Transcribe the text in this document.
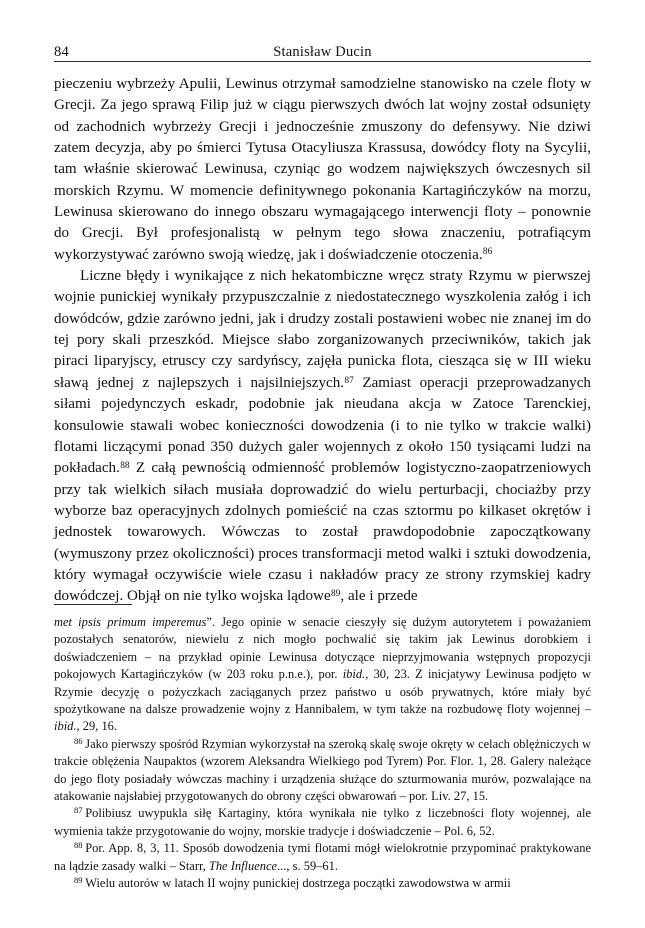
84	Stanisław Ducin

pieczeniu wybrzeży Apulii, Lewinus otrzymał samodzielne stanowisko na czele floty w Grecji. Za jego sprawą Filip już w ciągu pierwszych dwóch lat wojny został odsunięty od zachodnich wybrzeży Grecji i jednocześnie zmuszony do defensywy. Nie dziwi zatem decyzja, aby po śmierci Tytusa Otacyliusza Krassusa, dowódcy floty na Sycylii, tam właśnie skierować Lewinusa, czyniąc go wodzem największych ówczesnych sil morskich Rzymu. W momencie definitywnego pokonania Kartagińczyków na morzu, Lewinusa skierowano do innego obszaru wymagającego interwencji floty – ponownie do Grecji. Był profesjonalistą w pełnym tego słowa znaczeniu, potrafiącym wykorzystywać zarówno swoją wiedzę, jak i doświadczenie otoczenia.$^{86}$

Liczne błędy i wynikające z nich hekatombiczne wręcz straty Rzymu w pierwszej wojnie punickiej wynikały przypuszczalnie z niedostatecznego wyszkolenia załóg i ich dowódców, gdzie zarówno jedni, jak i drudzy zostali postawieni wobec nie znanej im do tej pory skali przeszkód. Miejsce słabo zorganizowanych przeciwników, takich jak piraci liparyjscy, etruscy czy sardyńscy, zajęła punicka flota, ciesząca się w III wieku sławą jednej z najlepszych i najsilniejszych.$^{87}$ Zamiast operacji przeprowadzanych siłami pojedynczych eskadr, podobnie jak nieudana akcja w Zatoce Tarenckiej, konsulowie stawali wobec konieczności dowodzenia (i to nie tylko w trakcie walki) flotami liczącymi ponad 350 dużych galer wojennych z około 150 tysiącami ludzi na pokładach.$^{88}$ Z całą pewnością odmienność problemów logistyczno-zaopatrzeniowych przy tak wielkich siłach musiała doprowadzić do wielu perturbacji, chociażby przy wyborze baz operacyjnych zdolnych pomieścić na czas sztormu po kilkaset okrętów i jednostek towarowych. Wówczas to został prawdopodobnie zapoczątkowany (wymuszony przez okoliczności) proces transformacji metod walki i sztuki dowodzenia, który wymagał oczywiście wiele czasu i nakładów pracy ze strony rzymskiej kadry dowódczej. Objął on nie tylko wojska lądowe$^{89}$, ale i przede

met ipsis primum imperemus”. Jego opinie w senacie cieszyły się dużym autorytetem i poważaniem pozostałych senatorów, niewielu z nich mogło pochwalić się takim jak Lewinus dorobkiem i doświadczeniem – na przykład opinie Lewinusa dotyczące nieprzyjmowania wstępnych propozycji pokojowych Kartagińczyków (w 203 roku p.n.e.), por. ibid., 30, 23. Z inicjatywy Lewinusa podjęto w Rzymie decyzję o pożyczkach zaciąganych przez państwo u osób prywatnych, które miały być spożytkowane na dalsze prowadzenie wojny z Hannibalem, w tym także na rozbudowę floty wojennej – ibid., 29, 16.

$^{86}$ Jako pierwszy spośród Rzymian wykorzystał na szeroką skalę swoje okręty w celach oblężniczych w trakcie oblężenia Naupaktos (wzorem Aleksandra Wielkiego pod Tyrem) Por. Flor. 1, 28. Galery należące do jego floty posiadały wówczas machiny i urządzenia służące do szturmowania murów, pozwalające na atakowanie najsłabiej przygotowanych do obrony części obwarowań – por. Liv. 27, 15.

$^{87}$ Polibiusz uwypukla siłę Kartaginy, która wynikała nie tylko z liczebności floty wojennej, ale wymienia także przygotowanie do wojny, morskie tradycje i doświadczenie – Pol. 6, 52.

$^{88}$ Por. App. 8, 3, 11. Sposób dowodzenia tymi flotami mógł wielokrotnie przypominać praktykowane na lądzie zasady walki – Starr, The Influence..., s. 59–61.

$^{89}$ Wielu autorów w latach II wojny punickiej dostrzega początki zawodowstwa w armii
